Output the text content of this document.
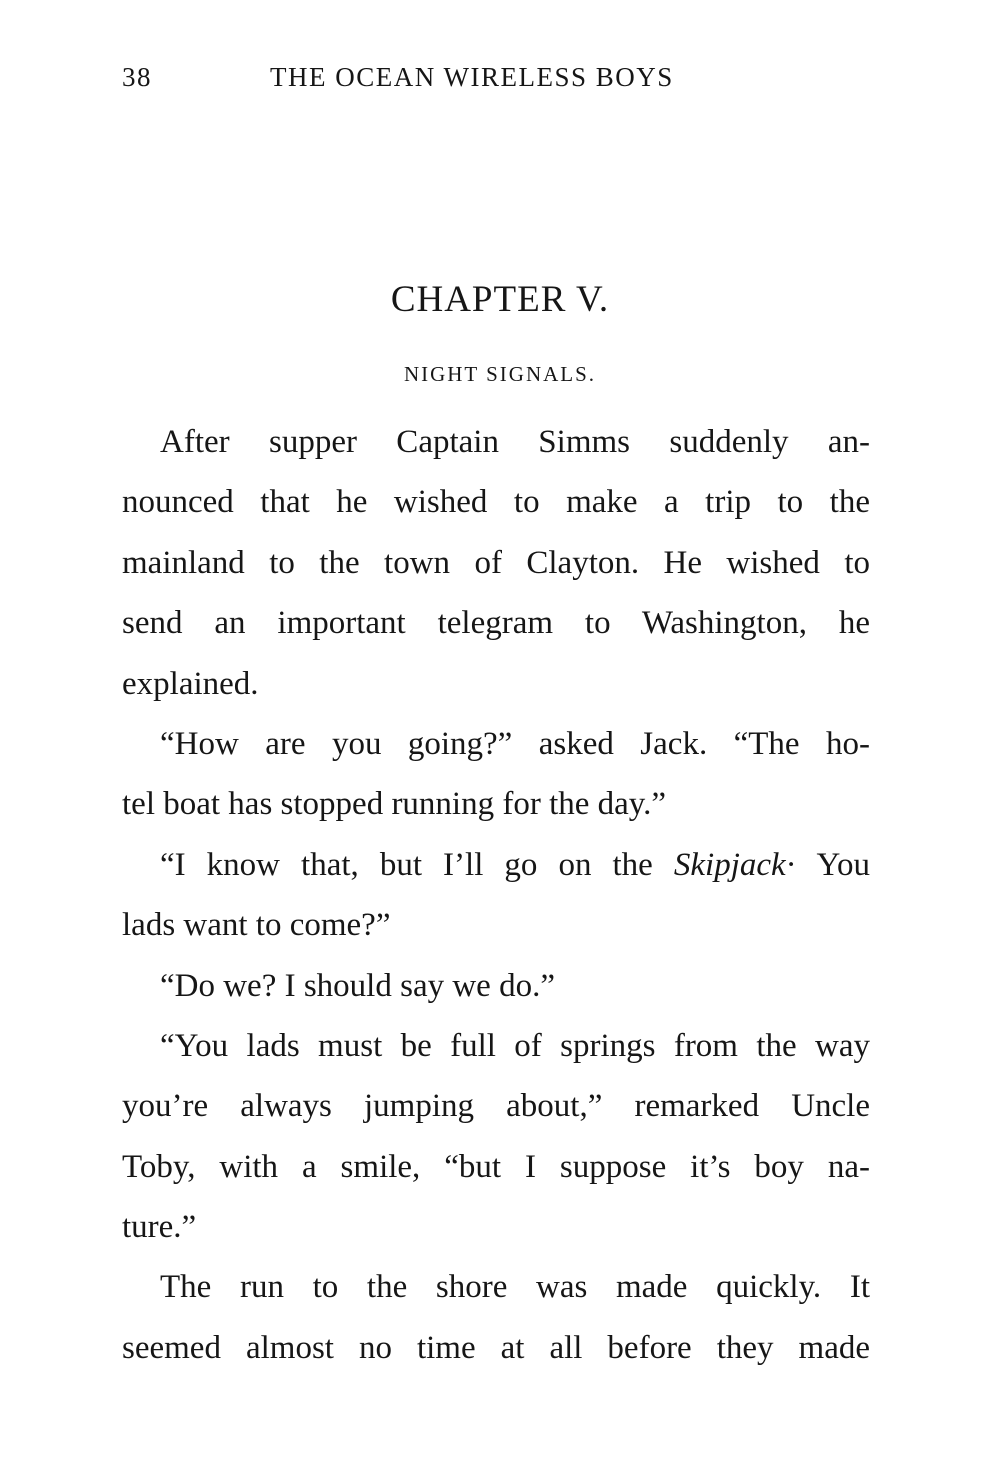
38	THE OCEAN WIRELESS BOYS
CHAPTER V.
NIGHT SIGNALS.
After supper Captain Simms suddenly an-
nounced that he wished to make a trip to the
mainland to the town of Clayton. He wished to
send an important telegram to Washington, he
explained.
“How are you going?” asked Jack. “The ho-
tel boat has stopped running for the day.”
“I know that, but I’ll go on the Skipjack· You
lads want to come?”
“Do we? I should say we do.”
“You lads must be full of springs from the way
you’re always jumping about,” remarked Uncle
Toby, with a smile, “but I suppose it’s boy na-
ture.”
The run to the shore was made quickly. It
seemed almost no time at all before they made
